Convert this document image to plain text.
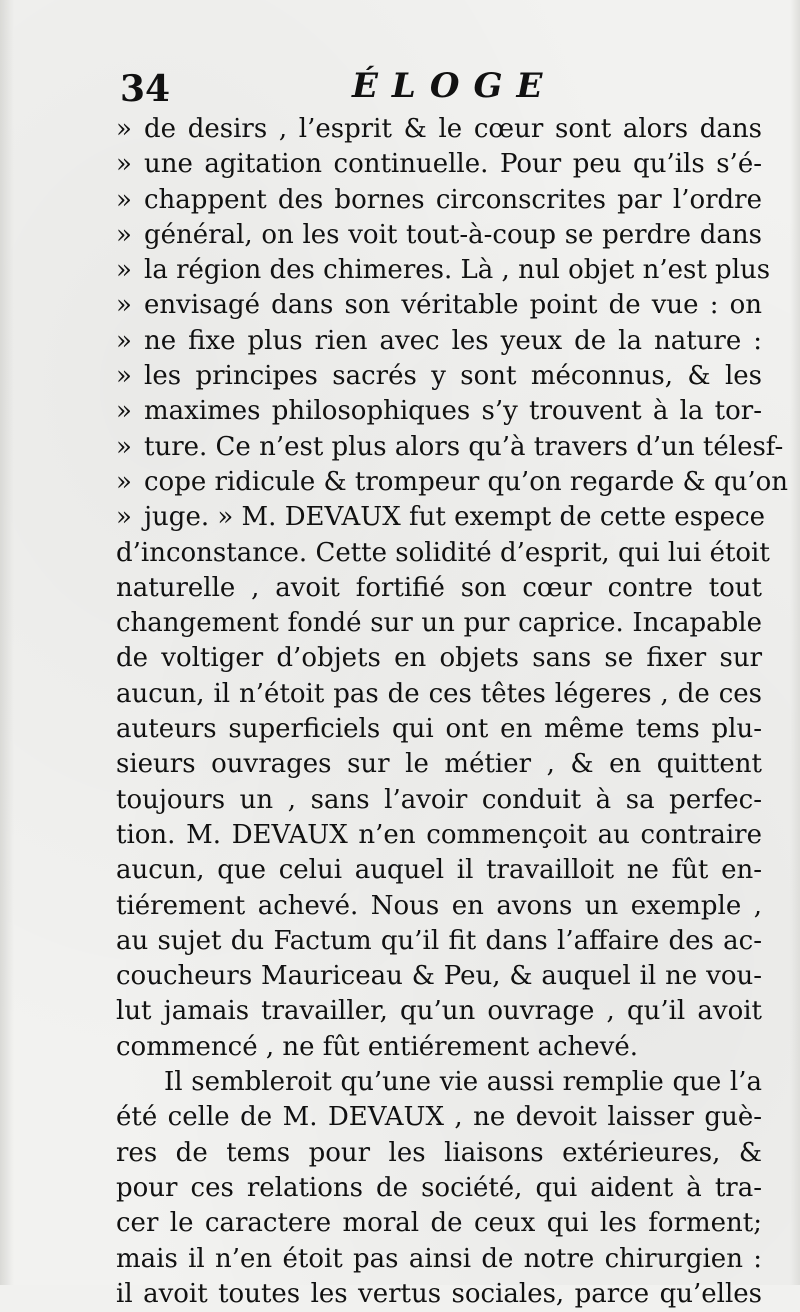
34	ÉLOGE
» de desirs , l’esprit & le cœur sont alors dans
» une agitation continuelle. Pour peu qu’ils s’é-
» chappent des bornes circonscrites par l’ordre
» général, on les voit tout-à-coup se perdre dans
» la région des chimeres. Là , nul objet n’est plus
» envisagé dans son véritable point de vue : on
» ne fixe plus rien avec les yeux de la nature :
» les principes sacrés y sont méconnus, & les
» maximes philosophiques s’y trouvent à la tor-
» ture. Ce n’est plus alors qu’à travers d’un télesf-
» cope ridicule & trompeur qu’on regarde & qu’on
» juge. » M. DEVAUX fut exempt de cette espece
d’inconstance. Cette solidité d’esprit, qui lui étoit
naturelle , avoit fortifié son cœur contre tout
changement fondé sur un pur caprice. Incapable
de voltiger d’objets en objets sans se fixer sur
aucun, il n’étoit pas de ces têtes légeres , de ces
auteurs superficiels qui ont en même tems plu-
sieurs ouvrages sur le métier , & en quittent
toujours un , sans l’avoir conduit à sa perfec-
tion. M. DEVAUX n’en commençoit au contraire
aucun, que celui auquel il travailloit ne fût en-
tiérement achevé. Nous en avons un exemple ,
au sujet du Factum qu’il fit dans l’affaire des ac-
coucheurs Mauriceau & Peu, & auquel il ne vou-
lut jamais travailler, qu’un ouvrage , qu’il avoit
commencé , ne fût entiérement achevé.
Il sembleroit qu’une vie aussi remplie que l’a
été celle de M. DEVAUX , ne devoit laisser guè-
res de tems pour les liaisons extérieures, &
pour ces relations de société, qui aident à tra-
cer le caractere moral de ceux qui les forment;
mais il n’en étoit pas ainsi de notre chirurgien :
il avoit toutes les vertus sociales, parce qu’elles
